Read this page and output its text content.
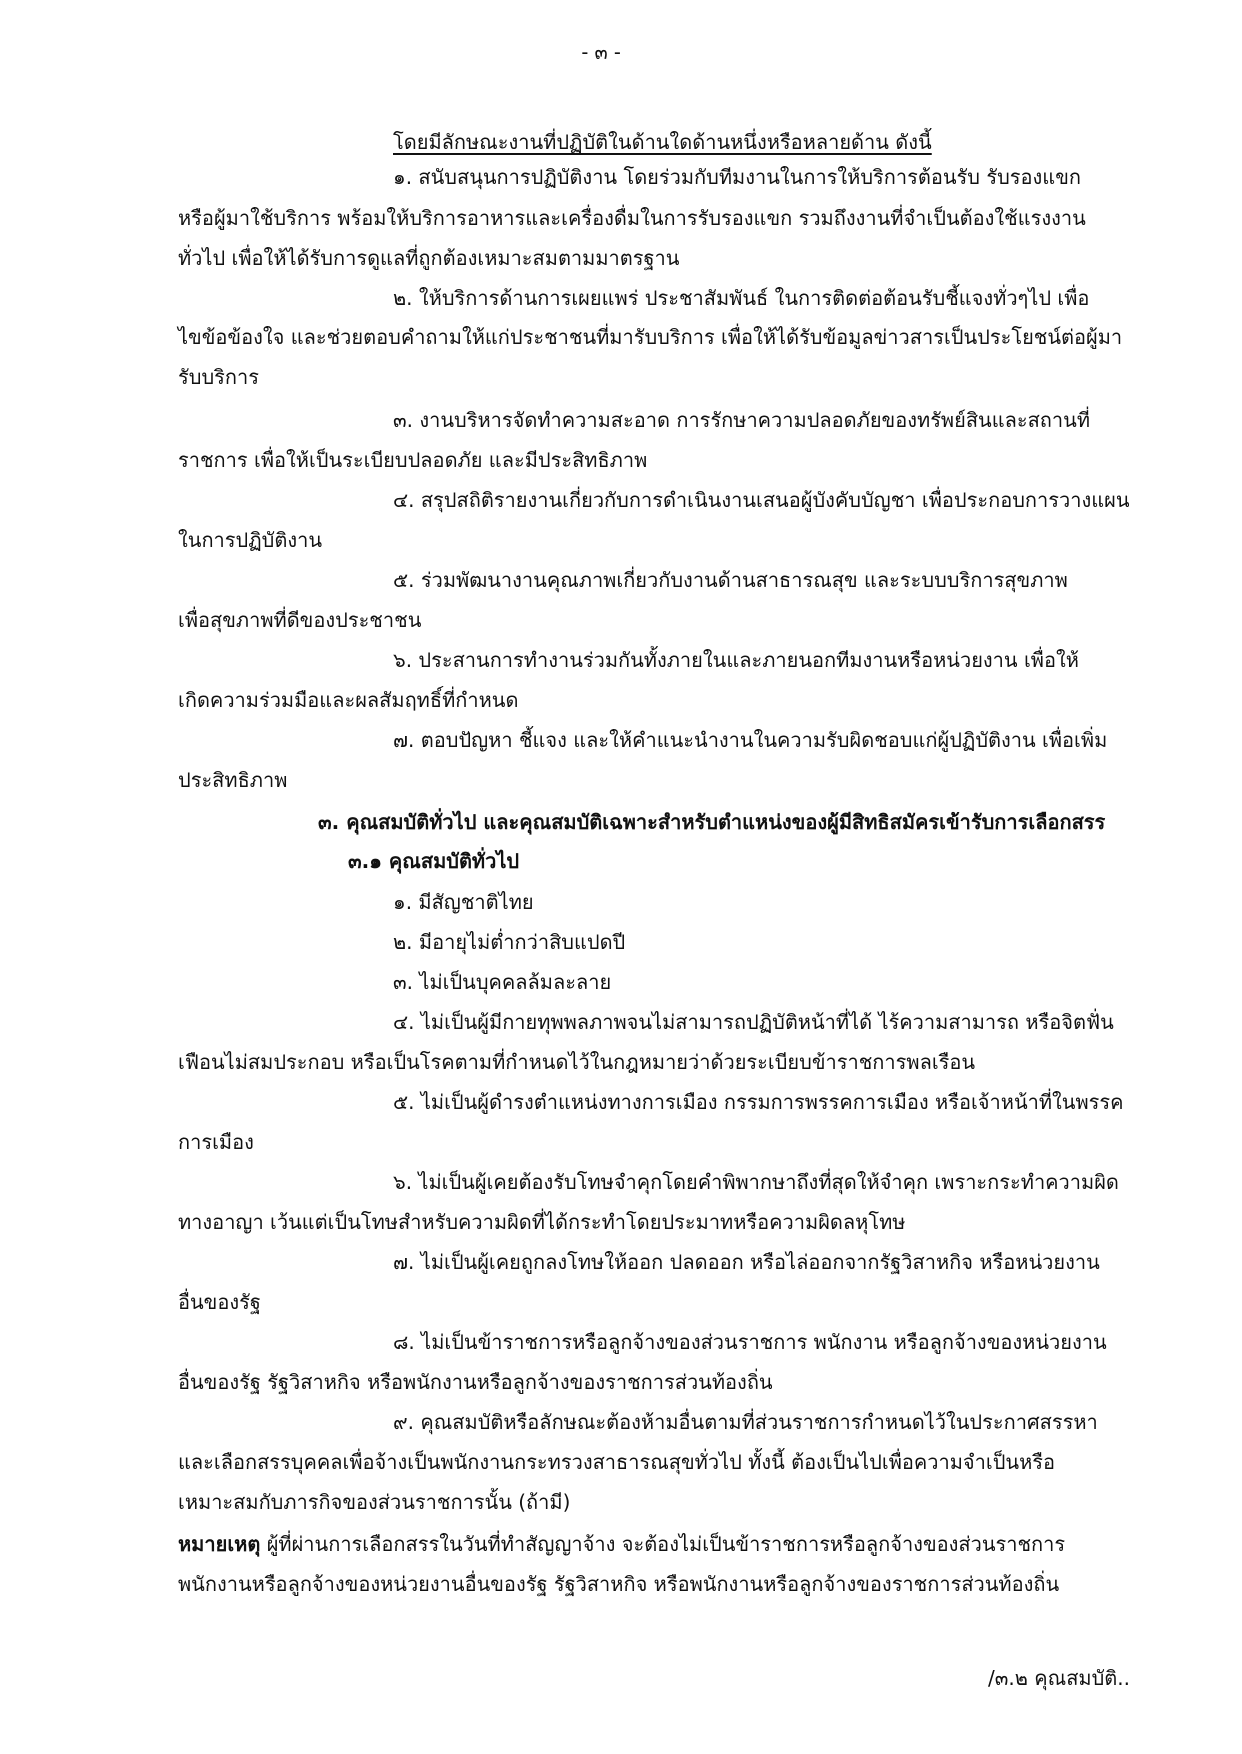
- ๓ -
โดยมีลักษณะงานที่ปฏิบัติในด้านใดด้านหนึ่งหรือหลายด้าน ดังนี้
๑. สนับสนุนการปฏิบัติงาน โดยร่วมกับทีมงานในการให้บริการต้อนรับ รับรองแขก
หรือผู้มาใช้บริการ พร้อมให้บริการอาหารและเครื่องดื่มในการรับรองแขก รวมถึงงานที่จำเป็นต้องใช้แรงงาน
ทั่วไป เพื่อให้ได้รับการดูแลที่ถูกต้องเหมาะสมตามมาตรฐาน
๒. ให้บริการด้านการเผยแพร่ ประชาสัมพันธ์ ในการติดต่อต้อนรับชี้แจงทั่วๆไป เพื่อ
ไขข้อข้องใจ และช่วยตอบคำถามให้แก่ประชาชนที่มารับบริการ เพื่อให้ได้รับข้อมูลข่าวสารเป็นประโยชน์ต่อผู้มา
รับบริการ
๓. งานบริหารจัดทำความสะอาด การรักษาความปลอดภัยของทรัพย์สินและสถานที่
ราชการ เพื่อให้เป็นระเบียบปลอดภัย และมีประสิทธิภาพ
๔. สรุปสถิติรายงานเกี่ยวกับการดำเนินงานเสนอผู้บังคับบัญชา เพื่อประกอบการวางแผน
ในการปฏิบัติงาน
๕. ร่วมพัฒนางานคุณภาพเกี่ยวกับงานด้านสาธารณสุข และระบบบริการสุขภาพ
เพื่อสุขภาพที่ดีของประชาชน
๖. ประสานการทำงานร่วมกันทั้งภายในและภายนอกทีมงานหรือหน่วยงาน เพื่อให้
เกิดความร่วมมือและผลสัมฤทธิ์ที่กำหนด
๗. ตอบปัญหา ชี้แจง และให้คำแนะนำงานในความรับผิดชอบแก่ผู้ปฏิบัติงาน เพื่อเพิ่ม
ประสิทธิภาพ
๓. คุณสมบัติทั่วไป และคุณสมบัติเฉพาะสำหรับตำแหน่งของผู้มีสิทธิสมัครเข้ารับการเลือกสรร
๓.๑ คุณสมบัติทั่วไป
๑. มีสัญชาติไทย
๒. มีอายุไม่ต่ำกว่าสิบแปดปี
๓. ไม่เป็นบุคคลล้มละลาย
๔. ไม่เป็นผู้มีกายทุพพลภาพจนไม่สามารถปฏิบัติหน้าที่ได้ ไร้ความสามารถ หรือจิตฟั่น
เฟือนไม่สมประกอบ หรือเป็นโรคตามที่กำหนดไว้ในกฎหมายว่าด้วยระเบียบข้าราชการพลเรือน
๕. ไม่เป็นผู้ดำรงตำแหน่งทางการเมือง กรรมการพรรคการเมือง หรือเจ้าหน้าที่ในพรรค
การเมือง
๖. ไม่เป็นผู้เคยต้องรับโทษจำคุกโดยคำพิพากษาถึงที่สุดให้จำคุก เพราะกระทำความผิด
ทางอาญา เว้นแต่เป็นโทษสำหรับความผิดที่ได้กระทำโดยประมาทหรือความผิดลหุโทษ
๗. ไม่เป็นผู้เคยถูกลงโทษให้ออก ปลดออก หรือไล่ออกจากรัฐวิสาหกิจ หรือหน่วยงาน
อื่นของรัฐ
๘. ไม่เป็นข้าราชการหรือลูกจ้างของส่วนราชการ พนักงาน หรือลูกจ้างของหน่วยงาน
อื่นของรัฐ รัฐวิสาหกิจ หรือพนักงานหรือลูกจ้างของราชการส่วนท้องถิ่น
๙. คุณสมบัติหรือลักษณะต้องห้ามอื่นตามที่ส่วนราชการกำหนดไว้ในประกาศสรรหา
และเลือกสรรบุคคลเพื่อจ้างเป็นพนักงานกระทรวงสาธารณสุขทั่วไป ทั้งนี้ ต้องเป็นไปเพื่อความจำเป็นหรือ
เหมาะสมกับภารกิจของส่วนราชการนั้น (ถ้ามี)
หมายเหตุ ผู้ที่ผ่านการเลือกสรรในวันที่ทำสัญญาจ้าง จะต้องไม่เป็นข้าราชการหรือลูกจ้างของส่วนราชการ
พนักงานหรือลูกจ้างของหน่วยงานอื่นของรัฐ รัฐวิสาหกิจ หรือพนักงานหรือลูกจ้างของราชการส่วนท้องถิ่น
/๓.๒ คุณสมบัติ..
